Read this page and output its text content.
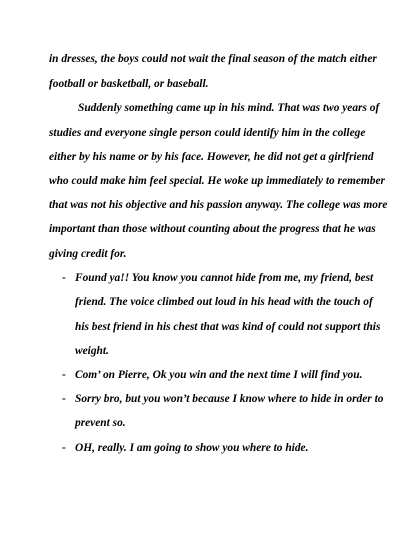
in dresses, the boys could not wait the final season of the match either
football or basketball, or baseball.
Suddenly something came up in his mind. That was two years of
studies and everyone single person could identify him in the college
either by his name or by his face. However, he did not get a girlfriend
who could make him feel special. He woke up immediately to remember
that was not his objective and his passion anyway. The college was more
important than those without counting about the progress that he was
giving credit for.
- Found ya!! You know you cannot hide from me, my friend, best
friend. The voice climbed out loud in his head with the touch of
his best friend in his chest that was kind of could not support this
weight.
- Com’ on Pierre, Ok you win and the next time I will find you.
- Sorry bro, but you won’t because I know where to hide in order to
prevent so.
- OH, really. I am going to show you where to hide.
